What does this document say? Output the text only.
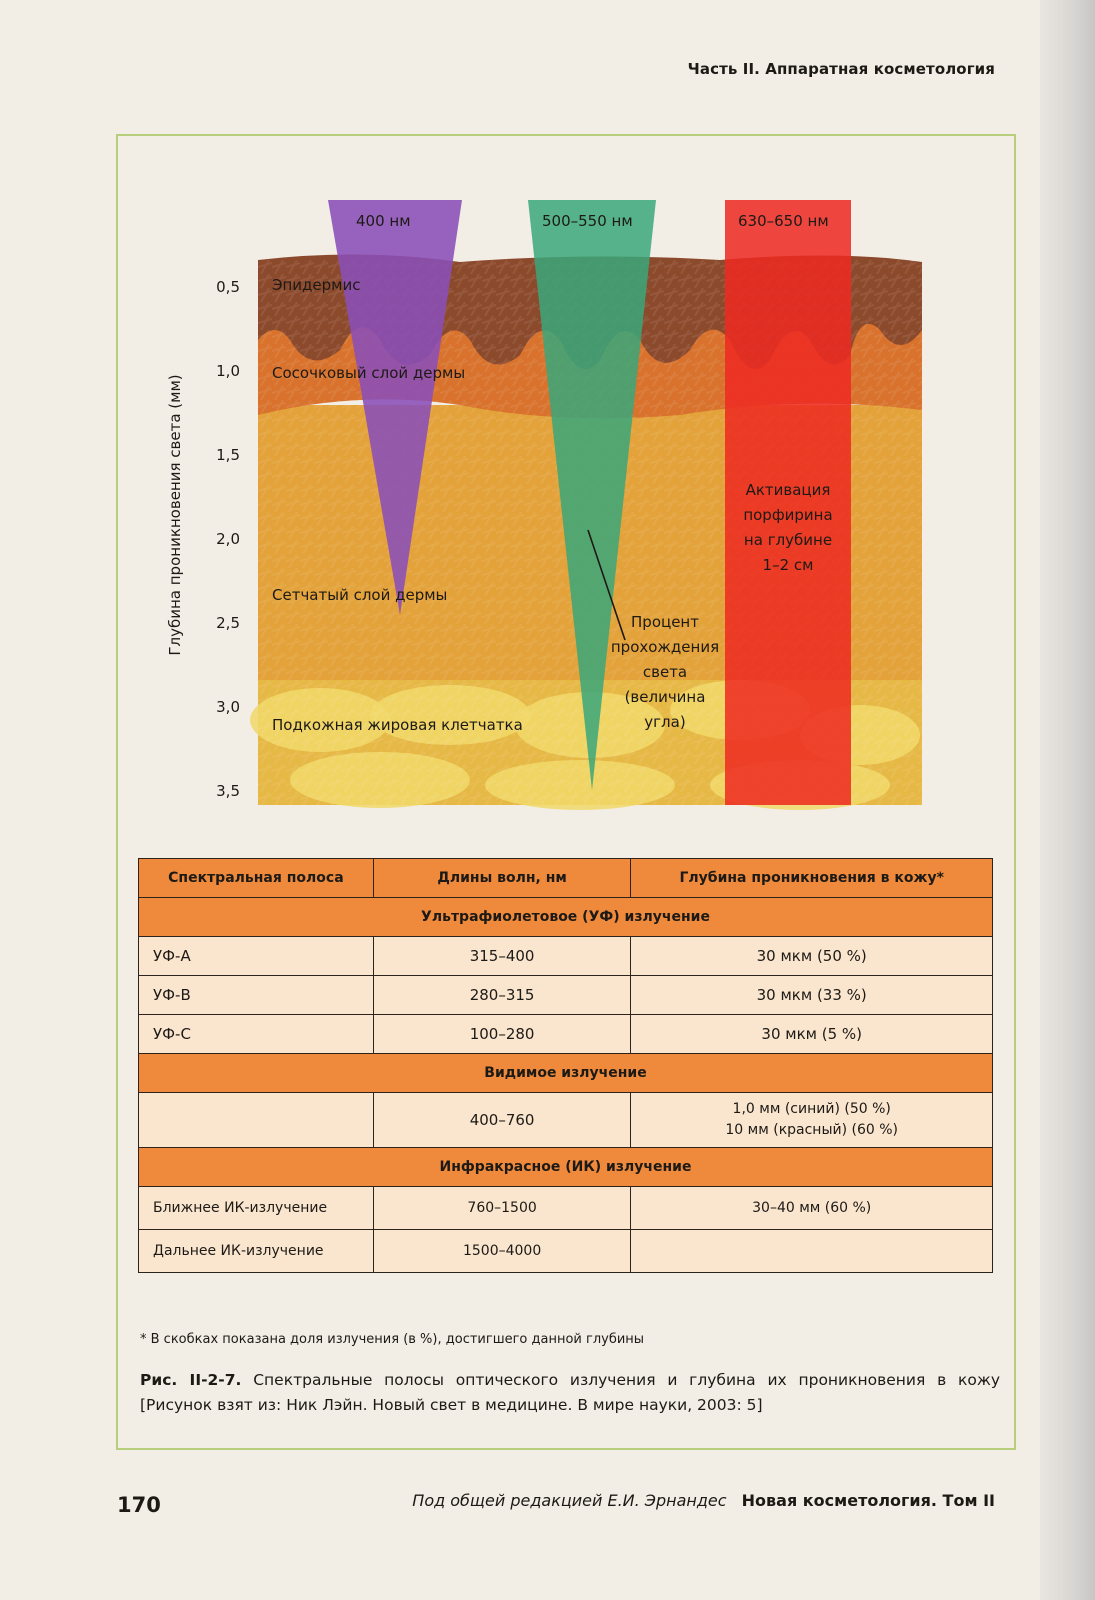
Часть II. Аппаратная косметология
Глубина проникновения света (мм)
0,5
1,0
1,5
2,0
2,5
3,0
3,5
Эпидермис
Сосочковый слой дермы
Сетчатый слой дермы
Подкожная жировая клетчатка
400 нм	500–550 нм	630–650 нм
Процент
прохождения
света
(величина
угла)
Активация
порфирина
на глубине
1–2 см
Спектральная полоса	Длины волн, нм	Глубина проникновения в кожу*
Ультрафиолетовое (УФ) излучение		
УФ-А	315–400	30 мкм (50 %)
УФ-В	280–315	30 мкм (33 %)
УФ-С	100–280	30 мкм (5 %)
Видимое излучение		
	400–760	1,0 мм (синий) (50 %)
10 мм (красный) (60 %)

Инфракрасное (ИК) излучение		
Ближнее ИК-излучение	760–1500	30–40 мм (60 %)
Дальнее ИК-излучение	1500–4000	
* В скобках показана доля излучения (в %), достигшего данной глубины
Рис. II-2-7. Спектральные полосы оптического излучения и глубина их проникновения в кожу [Рисунок взят из: Ник Лэйн. Новый свет в медицине. В мире науки, 2003: 5]
170	Под общей редакцией Е.И. Эрнандес Новая косметология. Том II
